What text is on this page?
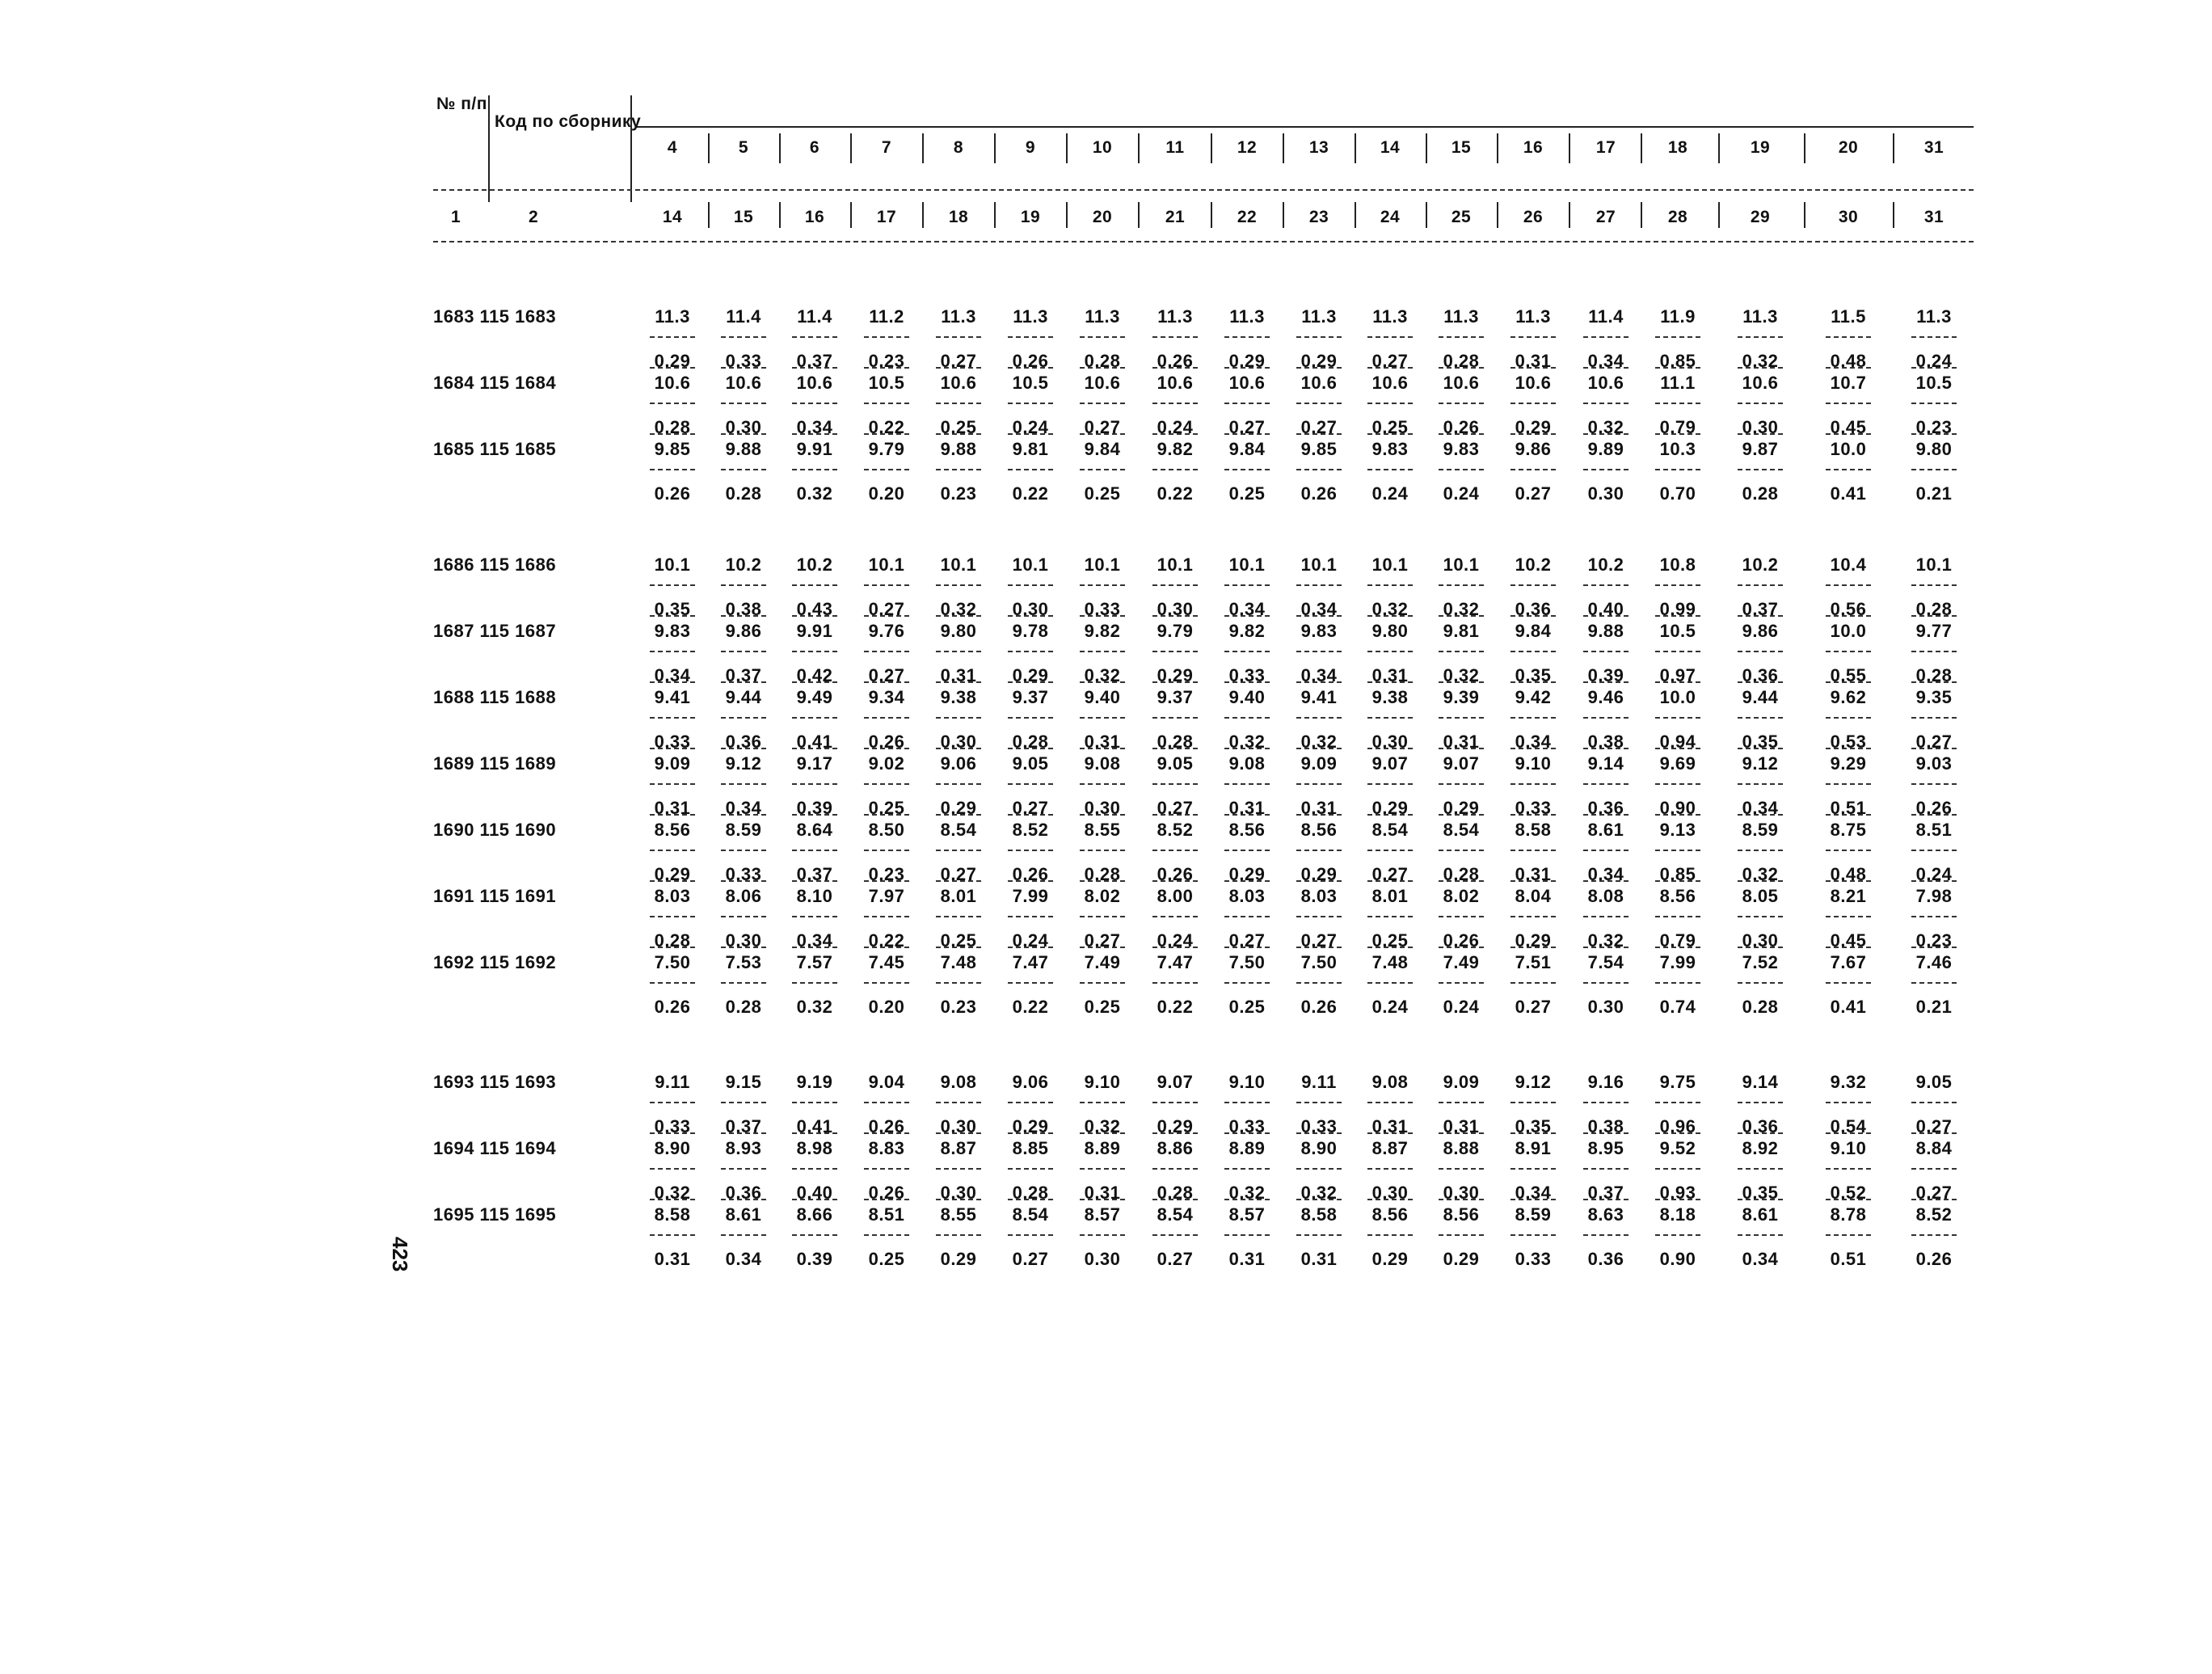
№ п/п
Код по сборнику
4	5	6	7	8	9	10	11	12	13	14	15	16	17	18	19	20	31
1	2	14	15	16	17	18	19	20	21	22	23	24	25	26	27	28	29	30	31
1683 115 1683	11.3 11.4 11.4 11.2 11.3 11.3 11.3 11.3 11.3 11.3 11.3 11.3 11.3 11.4 11.9	11.3	11.5	11.3
0.29 0.33 0.37 0.23 0.27 0.26 0.28 0.26 0.29 0.29 0.27 0.28 0.31 0.34 0.85	0.32	0.48	0.24
1684 115 1684	10.6 10.6 10.6 10.5 10.6 10.5 10.6 10.6 10.6 10.6 10.6 10.6 10.6 10.6 11.1	10.6	10.7	10.5
0.28 0.30 0.34 0.22 0.25 0.24 0.27 0.24 0.27 0.27 0.25 0.26 0.29 0.32 0.79	0.30	0.45	0.23
1685 115 1685	9.85 9.88 9.91 9.79 9.88 9.81 9.84 9.82 9.84 9.85 9.83 9.83 9.86 9.89 10.3	9.87	10.0	9.80
0.26 0.28 0.32 0.20 0.23 0.22 0.25 0.22 0.25 0.26 0.24 0.24 0.27 0.30 0.70	0.28	0.41	0.21
1686 115 1686	10.1 10.2 10.2 10.1 10.1 10.1 10.1 10.1 10.1 10.1 10.1 10.1 10.2 10.2 10.8	10.2	10.4	10.1
0.35 0.38 0.43 0.27 0.32 0.30 0.33 0.30 0.34 0.34 0.32 0.32 0.36 0.40 0.99	0.37	0.56	0.28
1687 115 1687	9.83 9.86 9.91 9.76 9.80 9.78 9.82 9.79 9.82 9.83 9.80 9.81 9.84 9.88 10.5	9.86	10.0	9.77
0.34 0.37 0.42 0.27 0.31 0.29 0.32 0.29 0.33 0.34 0.31 0.32 0.35 0.39 0.97	0.36	0.55	0.28
1688 115 1688	9.41 9.44 9.49 9.34 9.38 9.37 9.40 9.37 9.40 9.41 9.38 9.39 9.42 9.46 10.0	9.44	9.62	9.35
0.33 0.36 0.41 0.26 0.30 0.28 0.31 0.28 0.32 0.32 0.30 0.31 0.34 0.38 0.94	0.35	0.53	0.27
1689 115 1689	9.09 9.12 9.17 9.02 9.06 9.05 9.08 9.05 9.08 9.09 9.07 9.07 9.10 9.14 9.69	9.12	9.29	9.03
0.31 0.34 0.39 0.25 0.29 0.27 0.30 0.27 0.31 0.31 0.29 0.29 0.33 0.36 0.90	0.34	0.51	0.26
1690 115 1690	8.56 8.59 8.64 8.50 8.54 8.52 8.55 8.52 8.56 8.56 8.54 8.54 8.58 8.61 9.13	8.59	8.75	8.51
0.29 0.33 0.37 0.23 0.27 0.26 0.28 0.26 0.29 0.29 0.27 0.28 0.31 0.34 0.85	0.32	0.48	0.24
1691 115 1691	8.03 8.06 8.10 7.97 8.01 7.99 8.02 8.00 8.03 8.03 8.01 8.02 8.04 8.08 8.56	8.05	8.21	7.98
0.28 0.30 0.34 0.22 0.25 0.24 0.27 0.24 0.27 0.27 0.25 0.26 0.29 0.32 0.79	0.30	0.45	0.23
1692 115 1692	7.50 7.53 7.57 7.45 7.48 7.47 7.49 7.47 7.50 7.50 7.48 7.49 7.51 7.54 7.99	7.52	7.67	7.46
0.26 0.28 0.32 0.20 0.23 0.22 0.25 0.22 0.25 0.26 0.24 0.24 0.27 0.30 0.74	0.28	0.41	0.21
1693 115 1693	9.11 9.15 9.19 9.04 9.08 9.06 9.10 9.07 9.10 9.11 9.08 9.09 9.12 9.16 9.75	9.14	9.32	9.05
0.33 0.37 0.41 0.26 0.30 0.29 0.32 0.29 0.33 0.33 0.31 0.31 0.35 0.38 0.96	0.36	0.54	0.27
1694 115 1694	8.90 8.93 8.98 8.83 8.87 8.85 8.89 8.86 8.89 8.90 8.87 8.88 8.91 8.95 9.52	8.92	9.10	8.84
0.32 0.36 0.40 0.26 0.30 0.28 0.31 0.28 0.32 0.32 0.30 0.30 0.34 0.37 0.93	0.35	0.52	0.27
1695 115 1695	8.58 8.61 8.66 8.51 8.55 8.54 8.57 8.54 8.57 8.58 8.56 8.56 8.59 8.63 8.18	8.61	8.78	8.52
0.31 0.34 0.39 0.25 0.29 0.27 0.30 0.27 0.31 0.31 0.29 0.29 0.33 0.36 0.90	0.34	0.51	0.26
423
